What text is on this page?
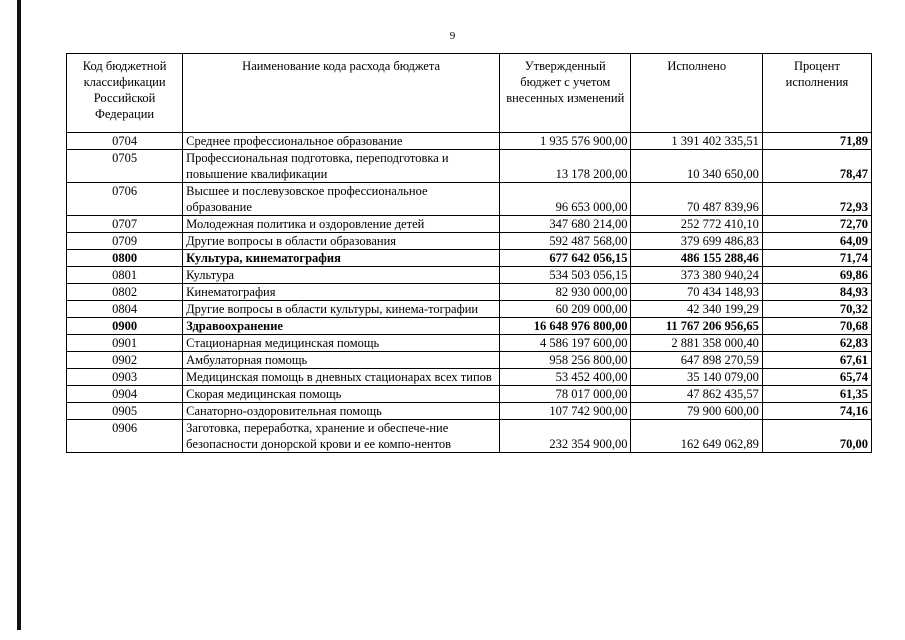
9
Код бюджетной классификации Российской Федерации	Наименование кода расхода бюджета	Утвержденный бюджет с учетом внесенных изменений	Исполнено	Процент исполнения
0704	Среднее профессиональное образование	1 935 576 900,00	1 391 402 335,51	71,89
0705	Профессиональная подготовка, переподготовка и повышение квалификации	13 178 200,00	10 340 650,00	78,47
0706	Высшее и послевузовское профессиональное образование	96 653 000,00	70 487 839,96	72,93
0707	Молодежная политика и оздоровление детей	347 680 214,00	252 772 410,10	72,70
0709	Другие вопросы в области образования	592 487 568,00	379 699 486,83	64,09
0800	Культура, кинематография	677 642 056,15	486 155 288,46	71,74
0801	Культура	534 503 056,15	373 380 940,24	69,86
0802	Кинематография	82 930 000,00	70 434 148,93	84,93
0804	Другие вопросы в области культуры, кинема-тографии	60 209 000,00	42 340 199,29	70,32
0900	Здравоохранение	16 648 976 800,00	11 767 206 956,65	70,68
0901	Стационарная медицинская помощь	4 586 197 600,00	2 881 358 000,40	62,83
0902	Амбулаторная помощь	958 256 800,00	647 898 270,59	67,61
0903	Медицинская помощь в дневных стационарах всех типов	53 452 400,00	35 140 079,00	65,74
0904	Скорая медицинская помощь	78 017 000,00	47 862 435,57	61,35
0905	Санаторно-оздоровительная помощь	107 742 900,00	79 900 600,00	74,16
0906	Заготовка, переработка, хранение и обеспече-ние безопасности донорской крови и ее компо-нентов	232 354 900,00	162 649 062,89	70,00
